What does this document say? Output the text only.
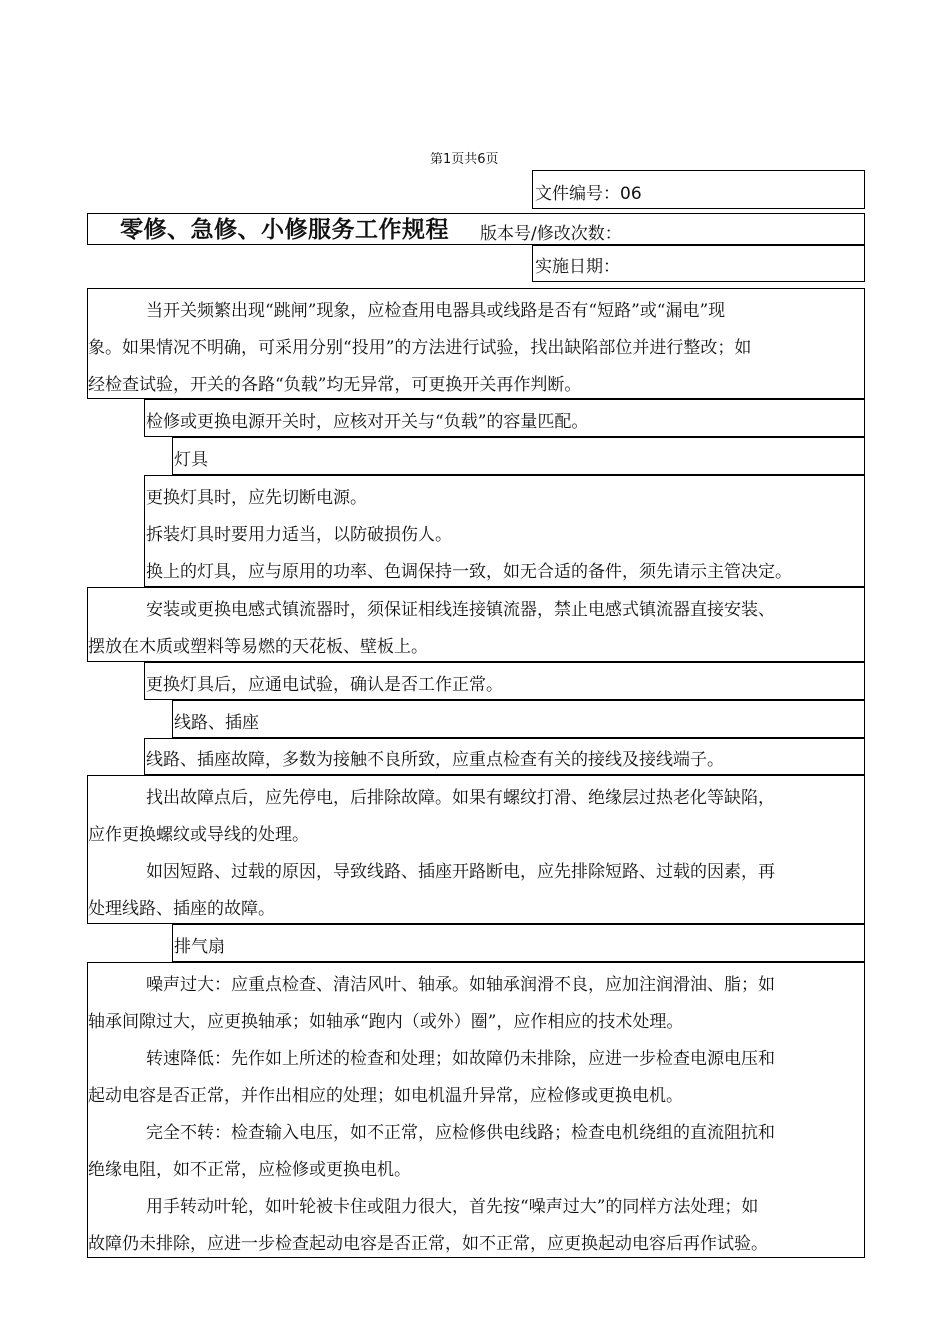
第1页共6页
文件编号：06
零修、急修、小修服务工作规程 版本号/修改次数：
实施日期：
当开关频繁出现“跳闸”现象，应检查用电器具或线路是否有“短路”或“漏电”现
象。如果情况不明确，可采用分别“投用”的方法进行试验，找出缺陷部位并进行整改；如
经检查试验，开关的各路“负载”均无异常，可更换开关再作判断。
检修或更换电源开关时，应核对开关与“负载”的容量匹配。
灯具
更换灯具时，应先切断电源。
拆装灯具时要用力适当，以防破损伤人。
换上的灯具，应与原用的功率、色调保持一致，如无合适的备件，须先请示主管决定。
安装或更换电感式镇流器时，须保证相线连接镇流器，禁止电感式镇流器直接安装、
摆放在木质或塑料等易燃的天花板、壁板上。
更换灯具后，应通电试验，确认是否工作正常。
线路、插座
线路、插座故障，多数为接触不良所致，应重点检查有关的接线及接线端子。
找出故障点后，应先停电，后排除故障。如果有螺纹打滑、绝缘层过热老化等缺陷，
应作更换螺纹或导线的处理。
如因短路、过载的原因，导致线路、插座开路断电，应先排除短路、过载的因素，再
处理线路、插座的故障。
排气扇
噪声过大：应重点检查、清洁风叶、轴承。如轴承润滑不良，应加注润滑油、脂；如
轴承间隙过大，应更换轴承；如轴承“跑内（或外）圈”，应作相应的技术处理。
转速降低：先作如上所述的检查和处理；如故障仍未排除，应进一步检查电源电压和
起动电容是否正常，并作出相应的处理；如电机温升异常，应检修或更换电机。
完全不转：检查输入电压，如不正常，应检修供电线路；检查电机绕组的直流阻抗和
绝缘电阻，如不正常，应检修或更换电机。
用手转动叶轮，如叶轮被卡住或阻力很大，首先按“噪声过大”的同样方法处理；如
故障仍未排除，应进一步检查起动电容是否正常，如不正常，应更换起动电容后再作试验。
